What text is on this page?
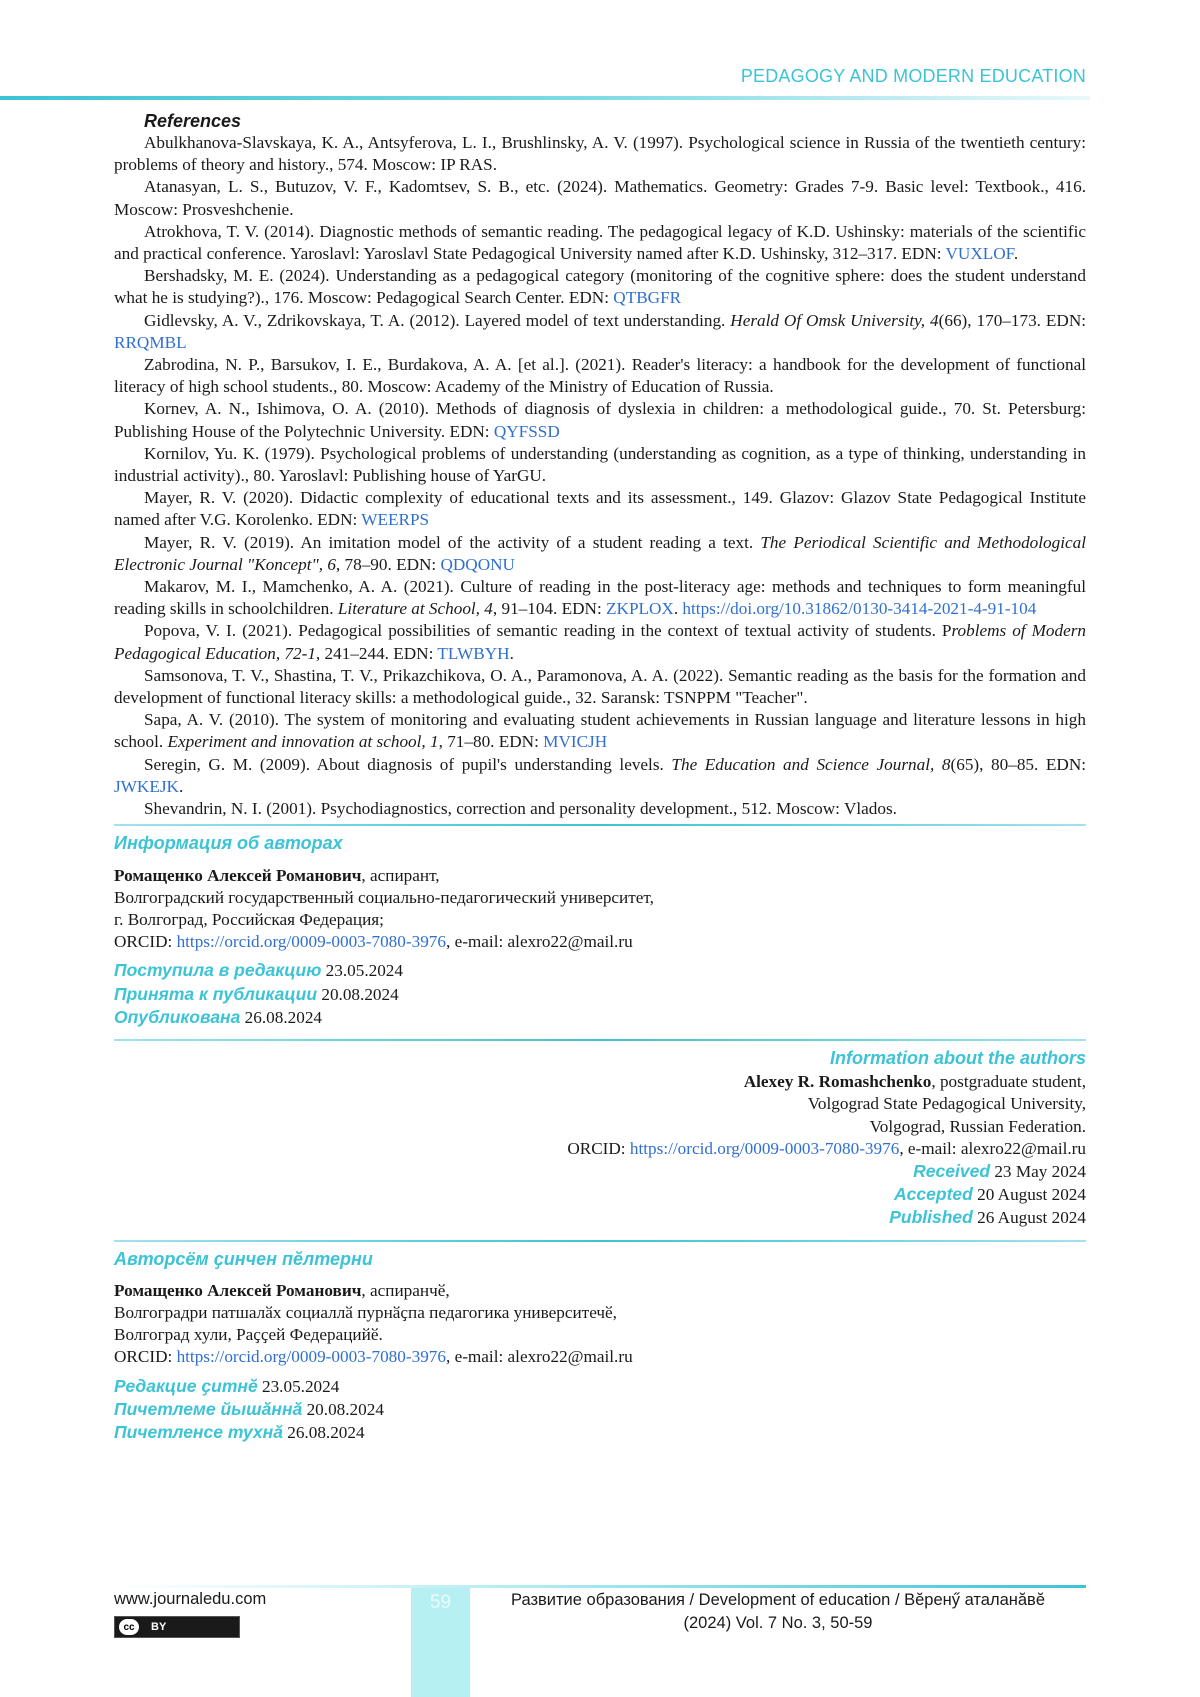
PEDAGOGY AND MODERN EDUCATION
References

Abulkhanova-Slavskaya, K. A., Antsyferova, L. I., Brushlinsky, A. V. (1997). Psychological science in Russia of the twentieth century: problems of theory and history., 574. Moscow: IP RAS.

Atanasyan, L. S., Butuzov, V. F., Kadomtsev, S. B., etc. (2024). Mathematics. Geometry: Grades 7-9. Basic level: Textbook., 416. Moscow: Prosveshchenie.

Atrokhova, T. V. (2014). Diagnostic methods of semantic reading. The pedagogical legacy of K.D. Ushinsky: materials of the scientific and practical conference. Yaroslavl: Yaroslavl State Pedagogical University named after K.D. Ushinsky, 312–317. EDN: VUXLOF.

Bershadsky, M. E. (2024). Understanding as a pedagogical category (monitoring of the cognitive sphere: does the student understand what he is studying?)., 176. Moscow: Pedagogical Search Center. EDN: QTBGFR

Gidlevsky, A. V., Zdrikovskaya, T. A. (2012). Layered model of text understanding. Herald Of Omsk University, 4(66), 170–173. EDN: RRQMBL

Zabrodina, N. P., Barsukov, I. E., Burdakova, A. A. [et al.]. (2021). Reader's literacy: a handbook for the development of functional literacy of high school students., 80. Moscow: Academy of the Ministry of Education of Russia.

Kornev, A. N., Ishimova, O. A. (2010). Methods of diagnosis of dyslexia in children: a methodological guide., 70. St. Petersburg: Publishing House of the Polytechnic University. EDN: QYFSSD

Kornilov, Yu. K. (1979). Psychological problems of understanding (understanding as cognition, as a type of thinking, understanding in industrial activity)., 80. Yaroslavl: Publishing house of YarGU.

Mayer, R. V. (2020). Didactic complexity of educational texts and its assessment., 149. Glazov: Glazov State Pedagogical Institute named after V.G. Korolenko. EDN: WEERPS

Mayer, R. V. (2019). An imitation model of the activity of a student reading a text. The Periodical Scientific and Methodological Electronic Journal "Koncept", 6, 78–90. EDN: QDQONU

Makarov, M. I., Mamchenko, A. A. (2021). Culture of reading in the post-literacy age: methods and techniques to form meaningful reading skills in schoolchildren. Literature at School, 4, 91–104. EDN: ZKPLOX. https://doi.org/10.31862/0130-3414-2021-4-91-104

Popova, V. I. (2021). Pedagogical possibilities of semantic reading in the context of textual activity of students. Problems of Modern Pedagogical Education, 72-1, 241–244. EDN: TLWBYH.

Samsonova, T. V., Shastina, T. V., Prikazchikova, O. A., Paramonova, A. A. (2022). Semantic reading as the basis for the formation and development of functional literacy skills: a methodological guide., 32. Saransk: TSNPPM "Teacher".

Sapa, A. V. (2010). The system of monitoring and evaluating student achievements in Russian language and literature lessons in high school. Experiment and innovation at school, 1, 71–80. EDN: MVICJH

Seregin, G. M. (2009). About diagnosis of pupil's understanding levels. The Education and Science Journal, 8(65), 80–85. EDN: JWKEJK.

Shevandrin, N. I. (2001). Psychodiagnostics, correction and personality development., 512. Moscow: Vlados.

Информация об авторах

Ромащенко Алексей Романович, аспирант,

Волгоградский государственный социально-педагогический университет,

г. Волгоград, Российская Федерация;

ORCID: https://orcid.org/0009-0003-7080-3976, e-mail: alexro22@mail.ru

Поступила в редакцию 23.05.2024

Принята к публикации 20.08.2024

Опубликована 26.08.2024

Information about the authors

Alexey R. Romashchenko, postgraduate student,

Volgograd State Pedagogical University,

Volgograd, Russian Federation.

ORCID: https://orcid.org/0009-0003-7080-3976, e-mail: alexro22@mail.ru

Received 23 May 2024

Accepted 20 August 2024

Published 26 August 2024

Авторсём ҫинчен пӗлтерни

Ромащенко Алексей Романович, аспиранчӗ,

Волгоградри патшалӑх социаллӑ пурнӑҫпа педагогика университечӗ,

Волгоград хули, Раҫҫей Федерацийӗ.

ORCID: https://orcid.org/0009-0003-7080-3976, e-mail: alexro22@mail.ru

Редакцие ҫитнӗ 23.05.2024

Пичетлеме йышӑннӑ 20.08.2024

Пичетленсе тухнӑ 26.08.2024

59
www.journaledu.com
cc	BY
Развитие образования / Development of education / Вӗренӳ аталанӑвӗ
(2024) Vol. 7 No. 3, 50-59
